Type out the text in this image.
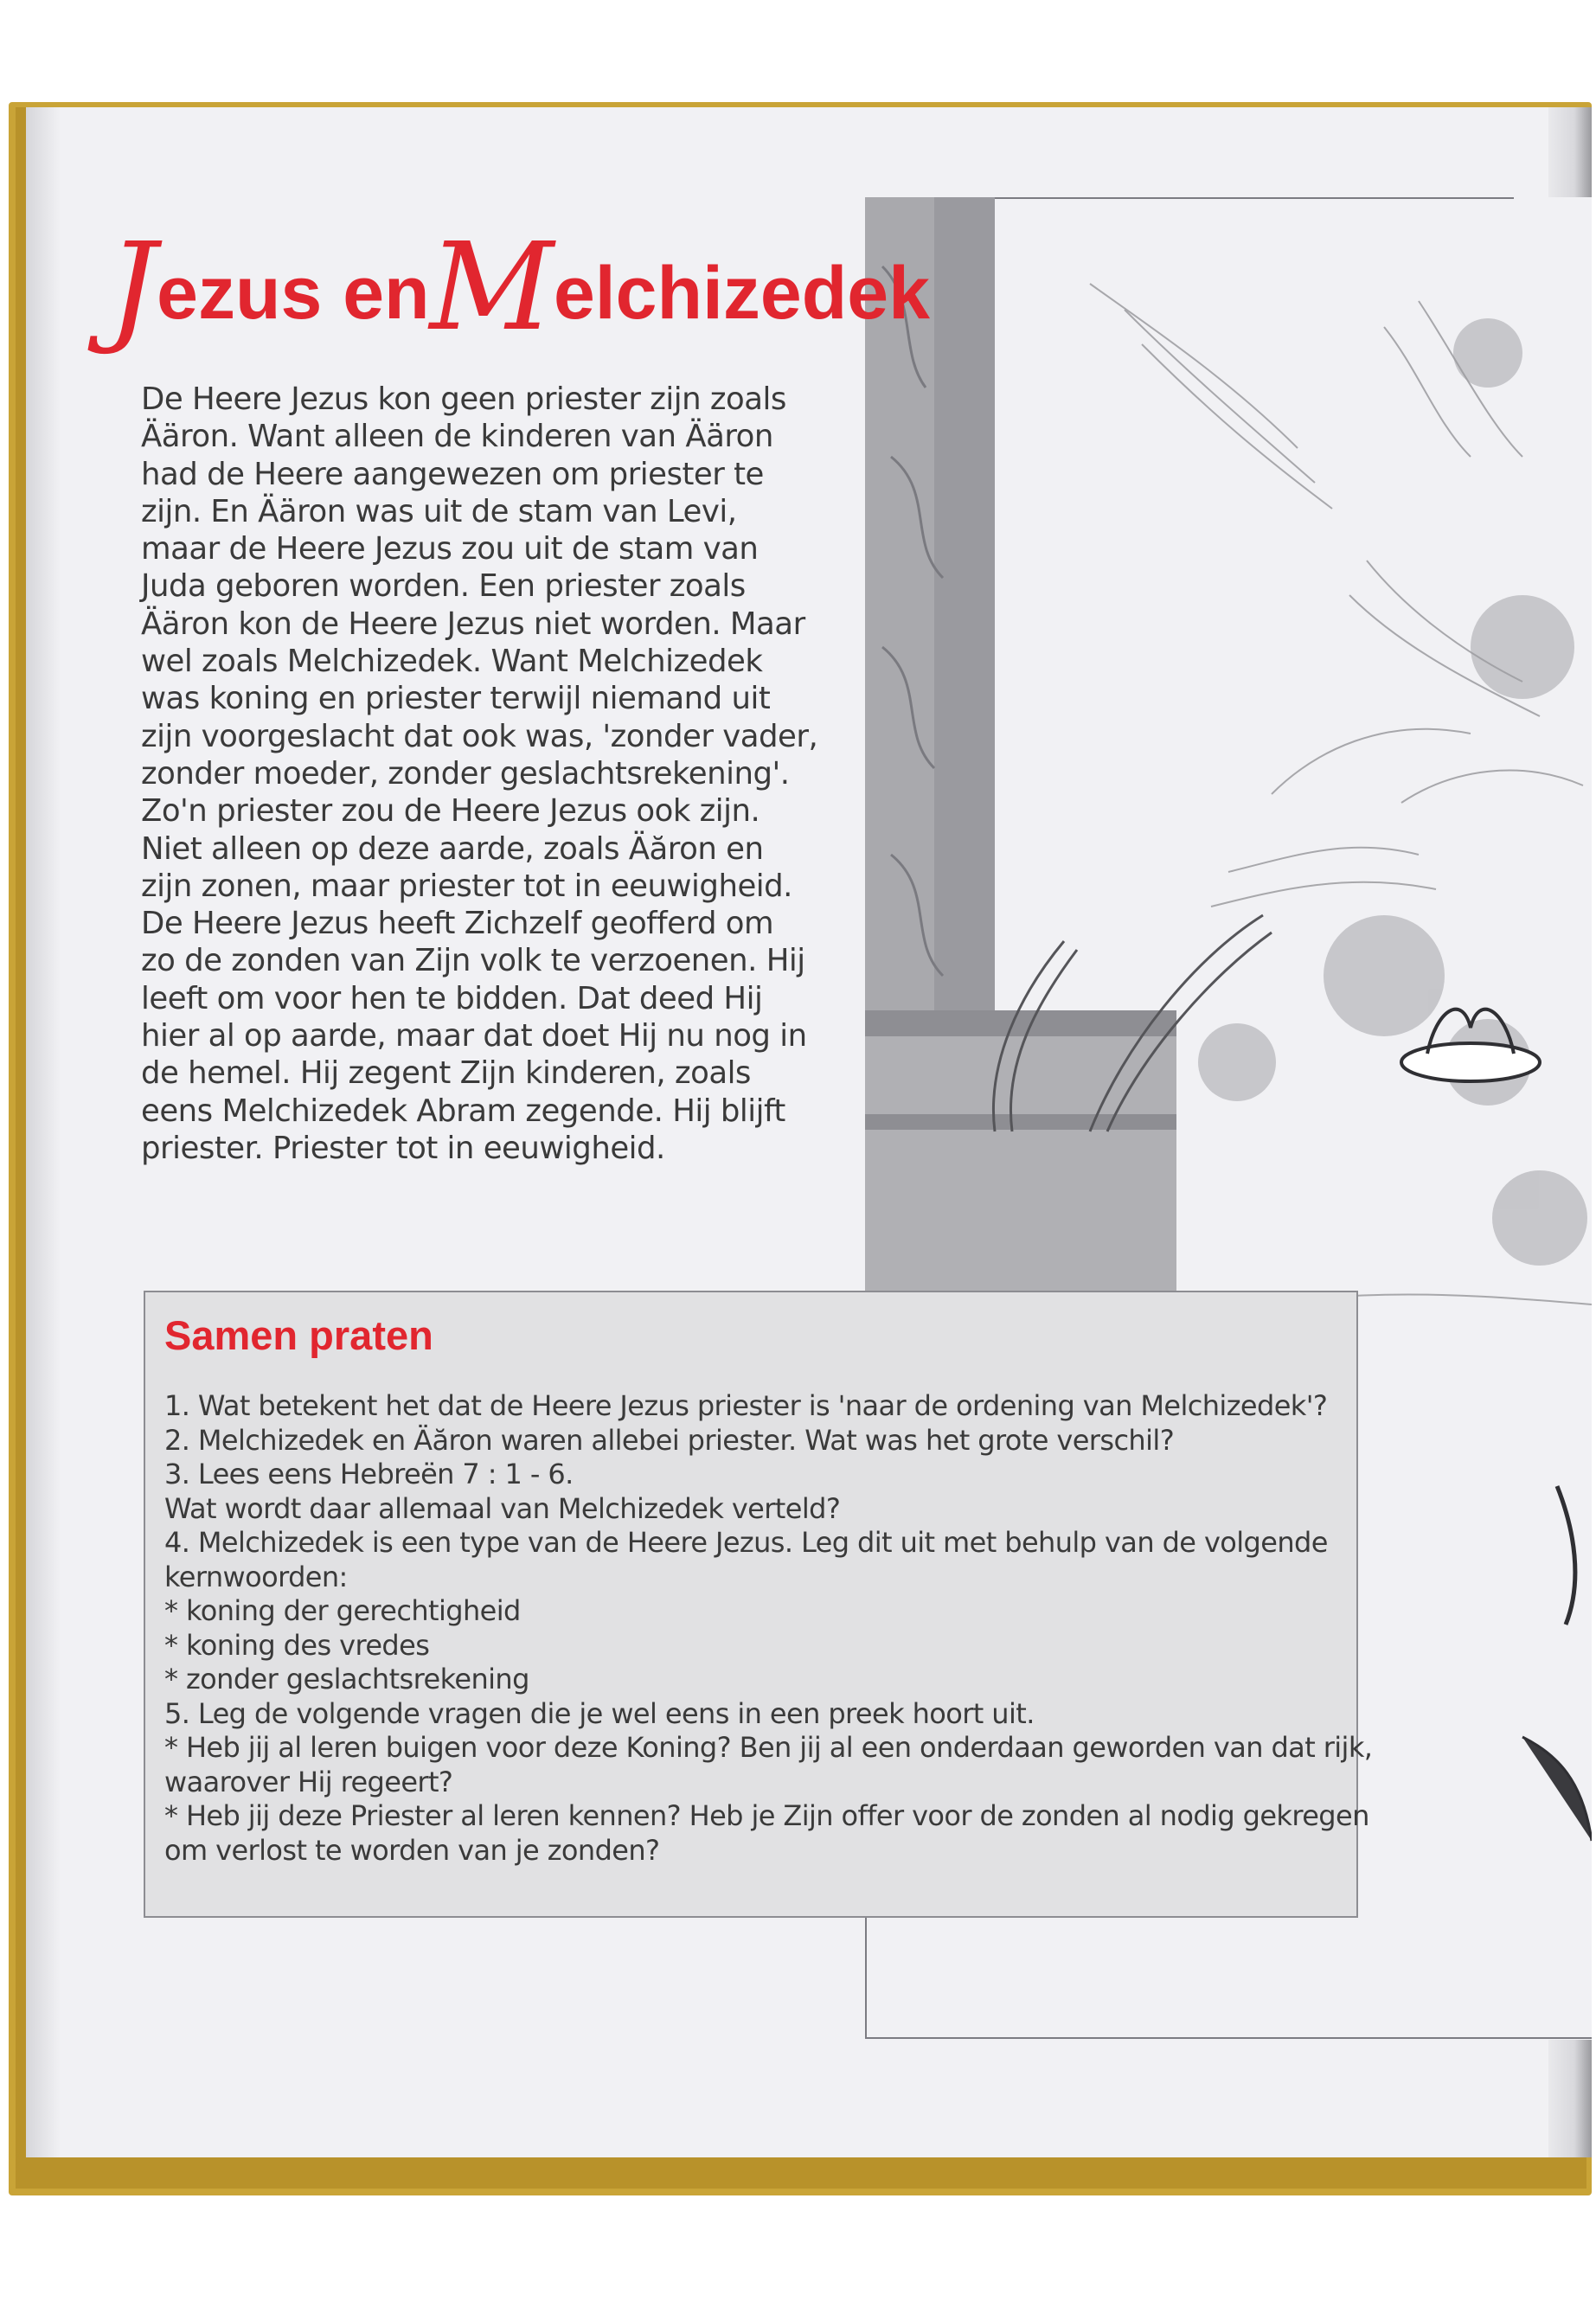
Jezus enMelchizedek
De Heere Jezus kon geen priester zijn zoals
Ääron. Want alleen de kinderen van Ääron
had de Heere aangewezen om priester te
zijn. En Ääron was uit de stam van Levi,
maar de Heere Jezus zou uit de stam van
Juda geboren worden. Een priester zoals
Ääron kon de Heere Jezus niet worden. Maar
wel zoals Melchizedek. Want Melchizedek
was koning en priester terwijl niemand uit
zijn voorgeslacht dat ook was, 'zonder vader,
zonder moeder, zonder geslachtsrekening'.
Zo'n priester zou de Heere Jezus ook zijn.
Niet alleen op deze aarde, zoals Äăron en
zijn zonen, maar priester tot in eeuwigheid.
De Heere Jezus heeft Zichzelf geofferd om
zo de zonden van Zijn volk te verzoenen. Hij
leeft om voor hen te bidden. Dat deed Hij
hier al op aarde, maar dat doet Hij nu nog in
de hemel. Hij zegent Zijn kinderen, zoals
eens Melchizedek Abram zegende. Hij blijft
priester. Priester tot in eeuwigheid.
Samen praten
1. Wat betekent het dat de Heere Jezus priester is 'naar de ordening van Melchizedek'?
2. Melchizedek en Äăron waren allebei priester. Wat was het grote verschil?
3. Lees eens Hebreën 7 : 1 - 6.
Wat wordt daar allemaal van Melchizedek verteld?
4. Melchizedek is een type van de Heere Jezus. Leg dit uit met behulp van de volgende
kernwoorden:
* koning der gerechtigheid
* koning des vredes
* zonder geslachtsrekening
5. Leg de volgende vragen die je wel eens in een preek hoort uit.
* Heb jij al leren buigen voor deze Koning? Ben jij al een onderdaan geworden van dat rijk,
waarover Hij regeert?
* Heb jij deze Priester al leren kennen? Heb je Zijn offer voor de zonden al nodig gekregen
om verlost te worden van je zonden?
